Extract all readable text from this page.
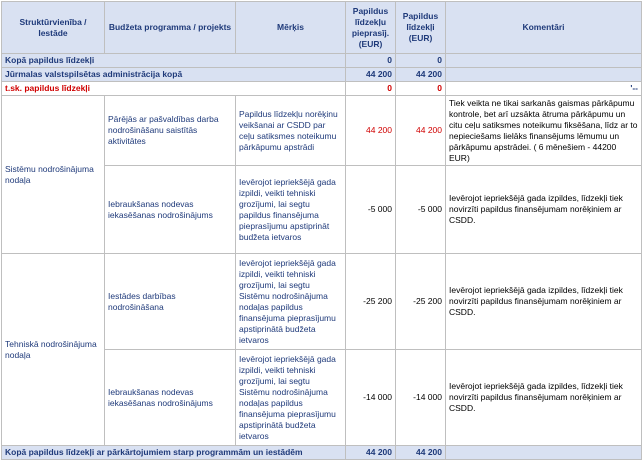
Struktūrvienība / Iestāde	Budžeta programma / projekts	Mērķis	Papildus līdzekļu pieprasīj. (EUR)	Papildus līdzekļi (EUR)	Komentāri
Kopā papildus līdzekļi			0	0	
Jūrmalas valstspilsētas administrācija kopā			44 200	44 200	
t.sk. papildus līdzekļi			0	0	'--
Sistēmu nodrošinājuma nodaļa	Pārējās ar pašvaldības darba nodrošināšanu saistītās aktivitātes	Papildus līdzekļu norēķinu veikšanai ar CSDD par ceļu satiksmes noteikumu pārkāpumu apstrādi	44 200	44 200	Tiek veikta ne tikai sarkanās gaismas pārkāpumu kontrole, bet arī uzsākta ātruma pārkāpumu un citu ceļu satiksmes noteikumu fiksēšana, līdz ar to nepieciešams lielāks finansējums lēmumu un pārkāpumu apstrādei. ( 6 mēnešiem - 44200 EUR)
	Iebraukšanas nodevas iekasēšanas nodrošinājums	Ievērojot iepriekšējā gada izpildi, veikti tehniski grozījumi, lai segtu papildus finansējuma pieprasījumu apstiprināt budžeta ietvaros	-5 000	-5 000	Ievērojot iepriekšējā gada izpildes, līdzekļi tiek novirzīti papildus finansējumam norēķiniem ar CSDD.
Tehniskā nodrošinājuma nodaļa	Iestādes darbības nodrošināšana	Ievērojot iepriekšējā gada izpildi, veikti tehniski grozījumi, lai segtu Sistēmu nodrošinājuma nodaļas papildus finansējuma pieprasījumu apstiprinātā budžeta ietvaros	-25 200	-25 200	Ievērojot iepriekšējā gada izpildes, līdzekļi tiek novirzīti papildus finansējumam norēķiniem ar CSDD.
	Iebraukšanas nodevas iekasēšanas nodrošinājums	Ievērojot iepriekšējā gada izpildi, veikti tehniski grozījumi, lai segtu Sistēmu nodrošinājuma nodaļas papildus finansējuma pieprasījumu apstiprinātā budžeta ietvaros	-14 000	-14 000	Ievērojot iepriekšējā gada izpildes, līdzekļi tiek novirzīti papildus finansējumam norēķiniem ar CSDD.
Kopā papildus līdzekļi ar pārkārtojumiem starp programmām un iestādēm			44 200	44 200	
